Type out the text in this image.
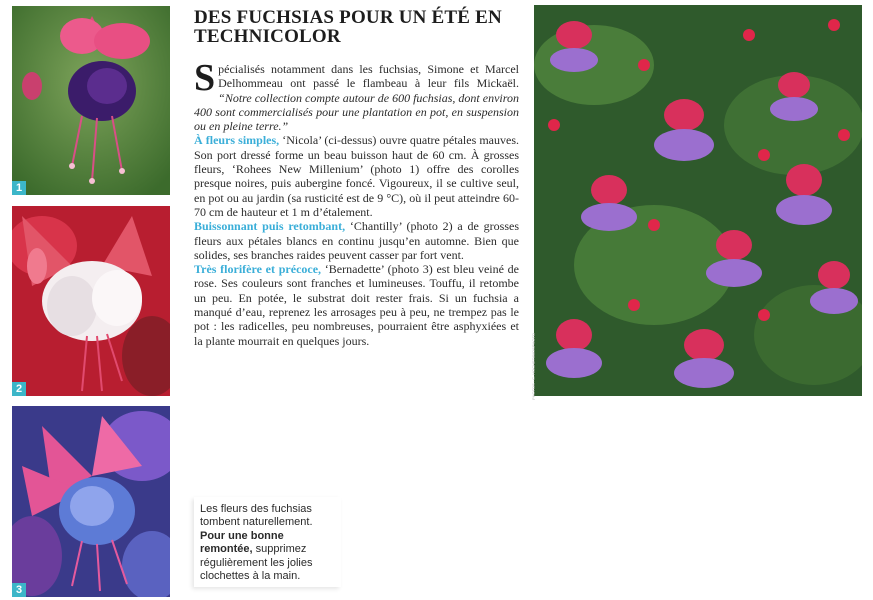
1
2
3
PHOTOS : C. HOCHET/BIOSPHOTO
DES FUCHSIAS POUR UN ÉTÉ EN TECHNICOLOR

Spécialisés notamment dans les fuchsias, Simone et Marcel Delhommeau ont passé le flambeau à leur fils Mickaël. “Notre collection compte autour de 600 fuchsias, dont environ 400 sont commercialisés pour une plantation en pot, en suspension ou en pleine terre.”

À fleurs simples, ‘Nicola’ (ci-dessus) ouvre quatre pétales mauves. Son port dressé forme un beau buisson haut de 60 cm. À grosses fleurs, ‘Rohees New Millenium’ (photo 1) offre des corolles presque noires, puis aubergine foncé. Vigoureux, il se cultive seul, en pot ou au jardin (sa rusticité est de 9 °C), où il peut atteindre 60-70 cm de hauteur et 1 m d’étalement.

Buissonnant puis retombant, ‘Chantilly’ (photo 2) a de grosses fleurs aux pétales blancs en continu jusqu’en automne. Bien que solides, ses branches raides peuvent casser par fort vent.

Très florifère et précoce, ‘Bernadette’ (photo 3) est bleu veiné de rose. Ses couleurs sont franches et lumineuses. Touffu, il retombe un peu. En potée, le substrat doit rester frais. Si un fuchsia a manqué d’eau, reprenez les arrosages peu à peu, ne trempez pas le pot : les radicelles, peu nombreuses, pourraient être asphyxiées et la plante mourrait en quelques jours.

Les fleurs des fuchsias tombent naturellement. Pour une bonne remontée, supprimez régulièrement les jolies clochettes à la main.
